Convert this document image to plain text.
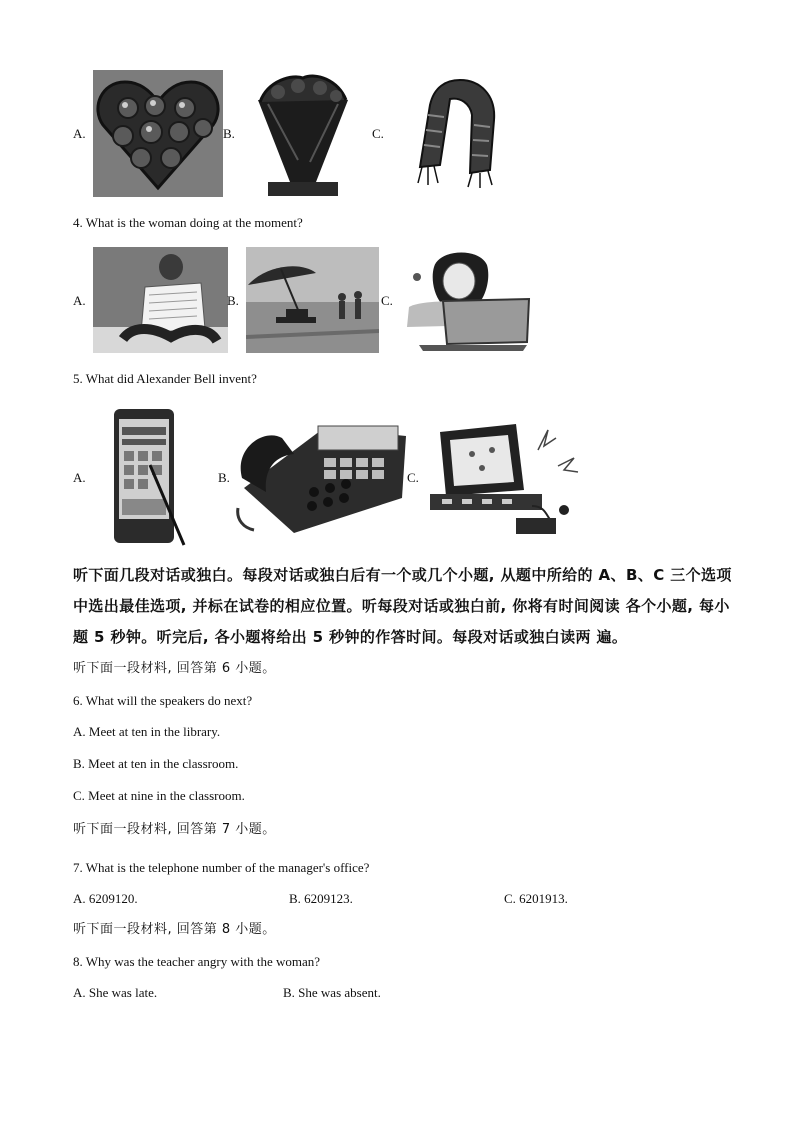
A.	B.	C.
4. What is the woman doing at the moment?
A.	B.	C.
5. What did Alexander Bell invent?
A.	B.	C.
听下面几段对话或独白。每段对话或独白后有一个或几个小题, 从题中所给的 A、B、C 三个选项中选出最佳选项, 并标在试卷的相应位置。听每段对话或独白前, 你将有时间阅读 各个小题, 每小题 5 秒钟。听完后, 各小题将给出 5 秒钟的作答时间。每段对话或独白读两 遍。
听下面一段材料, 回答第 6 小题。
6. What will the speakers do next?
A. Meet at ten in the library.
B. Meet at ten in the classroom.
C. Meet at nine in the classroom.
听下面一段材料, 回答第 7 小题。
7. What is the telephone number of the manager's office?
A. 6209120.	B. 6209123.	C. 6201913.
听下面一段材料, 回答第 8 小题。
8. Why was the teacher angry with the woman?
A. She was late.	B. She was absent.
